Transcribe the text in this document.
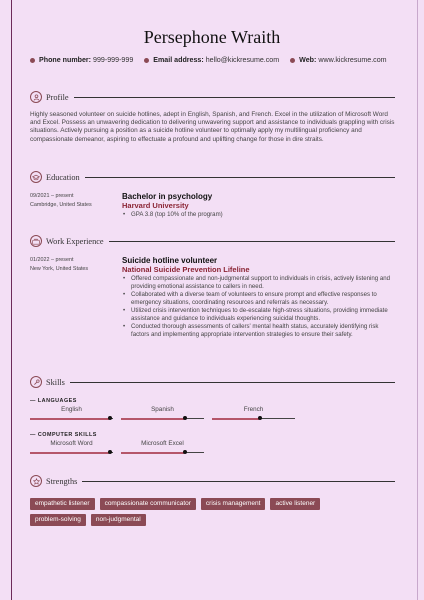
Persephone Wraith
Phone number: 999-999-999	Email address: hello@kickresume.com	Web: www.kickresume.com
Profile
Highly seasoned volunteer on suicide hotlines, adept in English, Spanish, and French. Excel in the utilization of Microsoft Word and Excel. Possess an unwavering dedication to delivering unwavering support and assistance to individuals grappling with crisis situations. Actively pursuing a position as a suicide hotline volunteer to optimally apply my multilingual proficiency and compassionate demeanor, aspiring to effectuate a profound and uplifting change for those in dire straits.
Education
09/2021 – present
Cambridge, United States
Bachelor in psychology
Harvard University
• GPA 3.8 (top 10% of the program)
Work Experience
01/2022 – present
New York, United States
Suicide hotline volunteer
National Suicide Prevention Lifeline
• Offered compassionate and non-judgmental support to individuals in crisis, actively listening and providing emotional assistance to callers in need.
• Collaborated with a diverse team of volunteers to ensure prompt and effective responses to emergency situations, coordinating resources and referrals as necessary.
• Utilized crisis intervention techniques to de-escalate high-stress situations, providing immediate assistance and guidance to individuals experiencing suicidal thoughts.
• Conducted thorough assessments of callers' mental health status, accurately identifying risk factors and implementing appropriate intervention strategies to ensure their safety.
Skills
— LANGUAGES
English	Spanish	French
— COMPUTER SKILLS
Microsoft Word	Microsoft Excel
Strengths
empathetic listener	compassionate communicator	crisis management	active listener
problem-solving	non-judgmental
